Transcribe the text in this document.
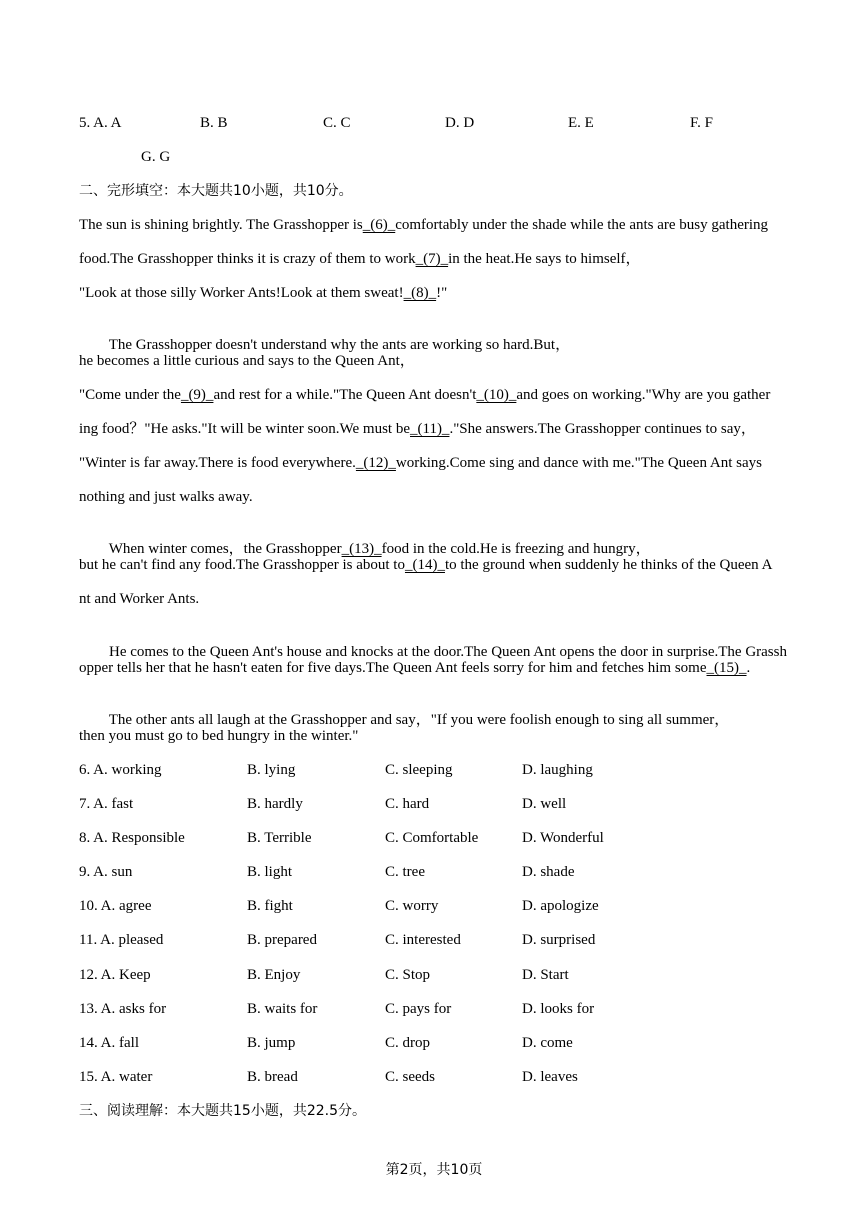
5. A. A	B. B	C. C	D. D	E. E	F. F
G. G
二、完形填空：本大题共10小题，共10分。
The sun is shining brightly. The Grasshopper is_(6)_comfortably under the shade while the ants are busy gathering
food.The Grasshopper thinks it is crazy of them to work_(7)_in the heat.He says to himself，
"Look at those silly Worker Ants!Look at them sweat!_(8)_!"

The Grasshopper doesn't understand why the ants are working so hard.But，

he becomes a little curious and says to the Queen Ant，
"Come under the_(9)_and rest for a while."The Queen Ant doesn't_(10)_and goes on working."Why are you gather
ing food？"He asks."It will be winter soon.We must be_(11)_."She answers.The Grasshopper continues to say，
"Winter is far away.There is food everywhere._(12)_working.Come sing and dance with me."The Queen Ant says
nothing and just walks away.

When winter comes，the Grasshopper_(13)_food in the cold.He is freezing and hungry，

but he can't find any food.The Grasshopper is about to_(14)_to the ground when suddenly he thinks of the Queen A
nt and Worker Ants.

He comes to the Queen Ant's house and knocks at the door.The Queen Ant opens the door in surprise.The Grassh

opper tells her that he hasn't eaten for five days.The Queen Ant feels sorry for him and fetches him some_(15)_.

The other ants all laugh at the Grasshopper and say，"If you were foolish enough to sing all summer，

then you must go to bed hungry in the winter."
6. A. working	B. lying	C. sleeping	D. laughing
7. A. fast	B. hardly	C. hard	D. well
8. A. Responsible	B. Terrible	C. Comfortable	D. Wonderful
9. A. sun	B. light	C. tree	D. shade
10. A. agree	B. fight	C. worry	D. apologize
11. A. pleased	B. prepared	C. interested	D. surprised
12. A. Keep	B. Enjoy	C. Stop	D. Start
13. A. asks for	B. waits for	C. pays for	D. looks for
14. A. fall	B. jump	C. drop	D. come
15. A. water	B. bread	C. seeds	D. leaves
三、阅读理解：本大题共15小题，共22.5分。
第2页，共10页
